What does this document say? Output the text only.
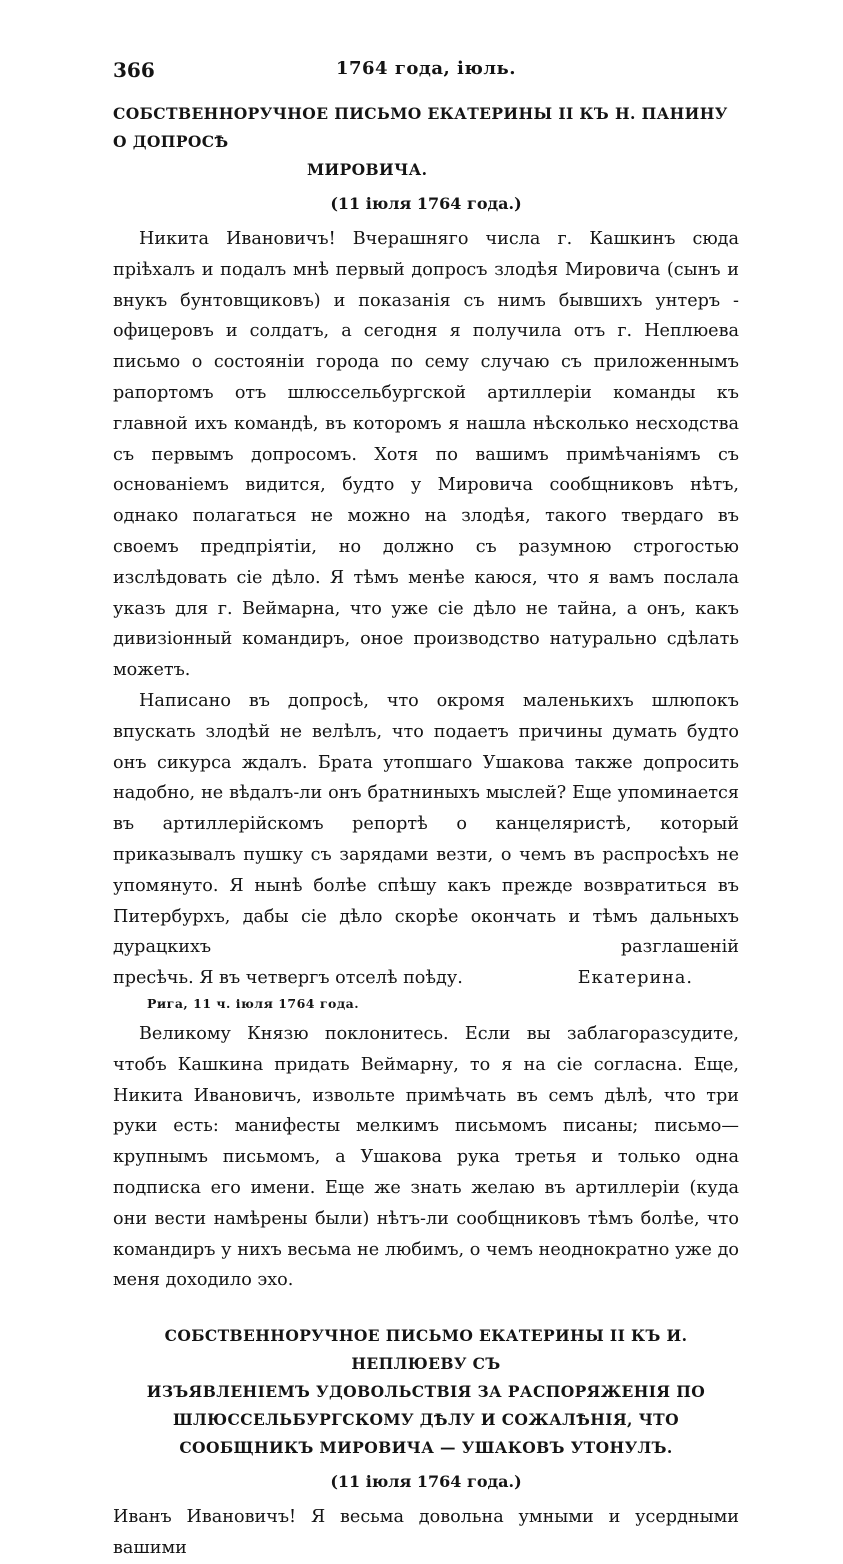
366	1764 года, іюль.
СОБСТВЕННОРУЧНОЕ ПИСЬМО ЕКАТЕРИНЫ II КЪ Н. ПАНИНУ О ДОПРОСѢ
МИРОВИЧА.
(11 іюля 1764 года.)

Никита Ивановичъ! Вчерашняго числа г. Кашкинъ сюда пріѣхалъ и подалъ мнѣ первый допросъ злодѣя Мировича (сынъ и внукъ бунтовщиковъ) и показанія съ нимъ бывшихъ унтеръ - офицеровъ и солдатъ, а сегодня я получила отъ г. Неплюева письмо о состояніи города по сему случаю съ приложеннымъ рапортомъ отъ шлюссельбургской артиллеріи команды къ главной ихъ командѣ, въ которомъ я нашла нѣсколько несходства съ первымъ допросомъ. Хотя по вашимъ примѣчаніямъ съ основаніемъ видится, будто у Мировича сообщниковъ нѣтъ, однако полагаться не можно на злодѣя, такого твердаго въ своемъ предпріятіи, но должно съ разумною строгостью изслѣдовать сіе дѣло. Я тѣмъ менѣе каюся, что я вамъ послала указъ для г. Веймарна, что уже сіе дѣло не тайна, а онъ, какъ дивизіонный командиръ, оное производство натурально сдѣлать можетъ.

Написано въ допросѣ, что окромя маленькихъ шлюпокъ впускать злодѣй не велѣлъ, что подаетъ причины думать будто онъ сикурса ждалъ. Брата утопшаго Ушакова также допросить надобно, не вѣдалъ-ли онъ братниныхъ мыслей? Еще упоминается въ артиллерійскомъ репортѣ о канцеляристѣ, который приказывалъ пушку съ зарядами везти, о чемъ въ распросѣхъ не упомянуто. Я нынѣ болѣе спѣшу какъ прежде возвратиться въ Питербурхъ, дабы сіе дѣло скорѣе окончать и тѣмъ дальныхъ дурацкихъ разглашеній

пресѣчь. Я въ четвергъ отселѣ поѣду.	Екатерина.

Рига, 11 ч. іюля 1764 года.

Великому Князю поклонитесь. Если вы заблагоразсудите, чтобъ Кашкина придать Веймарну, то я на сіе согласна. Еще, Никита Ивановичъ, извольте примѣчать въ семъ дѣлѣ, что три руки есть: манифесты мелкимъ письмомъ писаны; письмо—крупнымъ письмомъ, а Ушакова рука третья и только одна подписка его имени. Еще же знать желаю въ артиллеріи (куда они вести намѣрены были) нѣтъ-ли сообщниковъ тѣмъ болѣе, что командиръ у нихъ весьма не любимъ, о чемъ неоднократно уже до меня доходило эхо.

СОБСТВЕННОРУЧНОЕ ПИСЬМО ЕКАТЕРИНЫ II КЪ И. НЕПЛЮЕВУ СЪ
ИЗЪЯВЛЕНІЕМЪ УДОВОЛЬСТВІЯ ЗА РАСПОРЯЖЕНІЯ ПО
ШЛЮССЕЛЬБУРГСКОМУ ДѢЛУ И СОЖАЛѢНІЯ, ЧТО
СООБЩНИКЪ МИРОВИЧА — УШАКОВЪ УТОНУЛЪ.
(11 іюля 1764 года.)

Иванъ Ивановичъ! Я весьма довольна умными и усердными вашими
